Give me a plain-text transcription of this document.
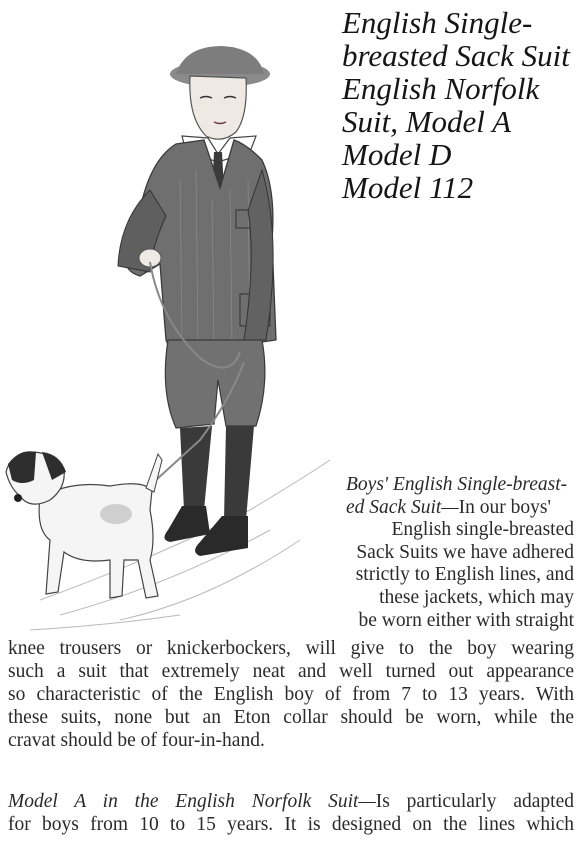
English Single-
breasted Sack Suit
English Norfolk
Suit, Model A
Model D
Model 112
Boys' English Single-breast-
ed Sack Suit—In our boys'
English single-breasted
Sack Suits we have adhered
strictly to English lines, and
these jackets, which may
be worn either with straight
knee trousers or knickerbockers, will give to the boy wearing
such a suit that extremely neat and well turned out appearance
so characteristic of the English boy of from 7 to 13 years. With
these suits, none but an Eton collar should be worn, while the
cravat should be of four-in-hand.
Model A in the English Norfolk Suit—Is particularly adapted
for boys from 10 to 15 years. It is designed on the lines which
